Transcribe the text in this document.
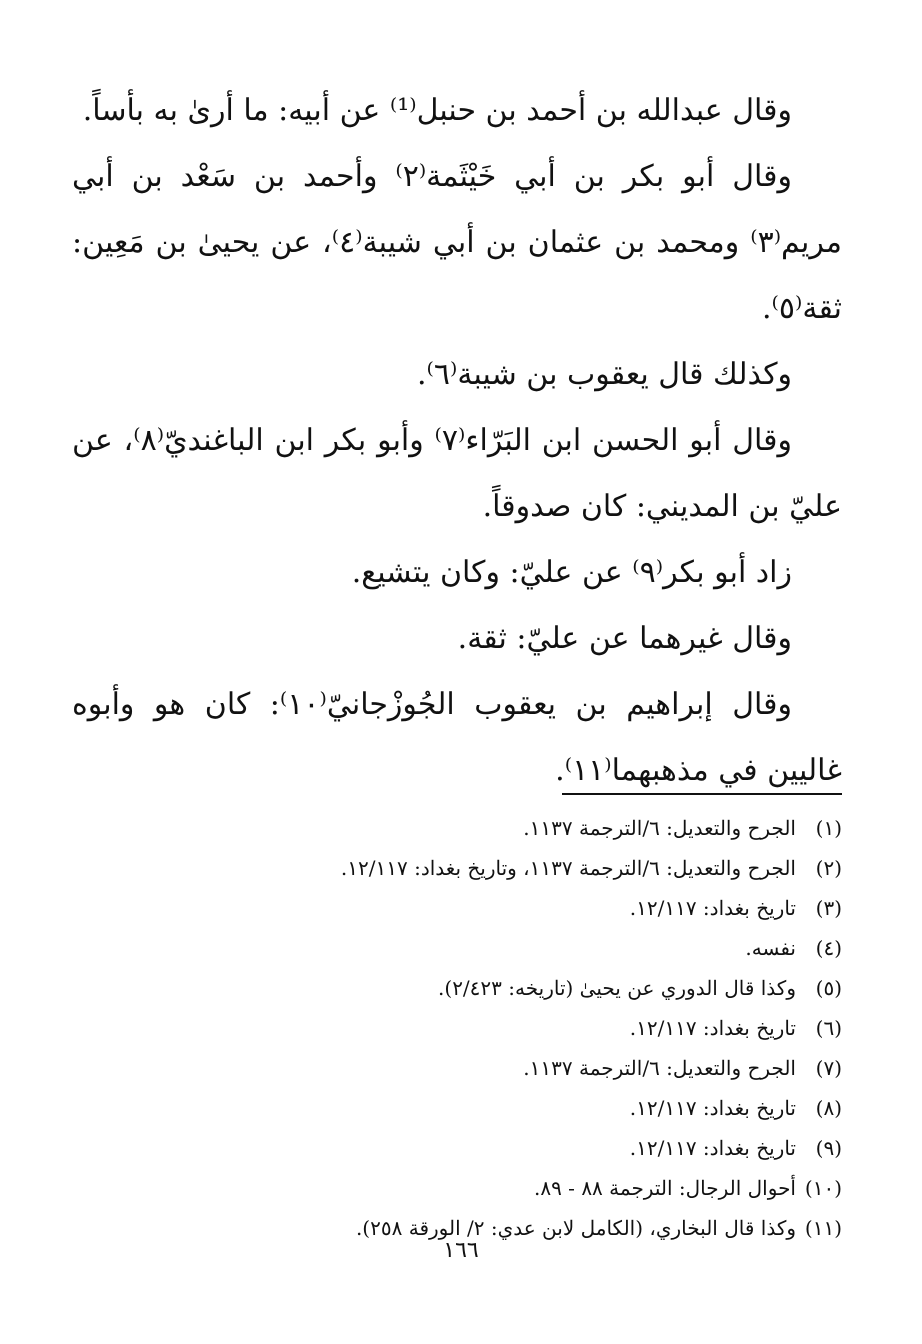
وقال عبدالله بن أحمد بن حنبل⁽¹⁾ عن أبيه: ما أرىٰ به بأساً.

وقال أبو بكر بن أبي خَيْثَمة⁽٢⁾ وأحمد بن سَعْد بن أبي مريم⁽٣⁾ ومحمد بن عثمان بن أبي شيبة⁽٤⁾، عن يحيىٰ بن مَعِين: ثقة⁽٥⁾.

وكذلك قال يعقوب بن شيبة⁽٦⁾.

وقال أبو الحسن ابن البَرّاء⁽٧⁾ وأبو بكر ابن الباغنديّ⁽٨⁾، عن عليّ بن المديني: كان صدوقاً.

زاد أبو بكر⁽٩⁾ عن عليّ: وكان يتشيع.

وقال غيرهما عن عليّ: ثقة.

وقال إبراهيم بن يعقوب الجُوزْجانيّ⁽١٠⁾: كان هو وأبوه غاليين في مذهبهما⁽١١⁾.

(١)
الجرح والتعديل: ٦/الترجمة ١١٣٧.
(٢)
الجرح والتعديل: ٦/الترجمة ١١٣٧، وتاريخ بغداد: ١٢/١١٧.
(٣)
تاريخ بغداد: ١٢/١١٧.
(٤)
نفسه.
(٥)
وكذا قال الدوري عن يحيىٰ (تاريخه: ٢/٤٢٣).
(٦)
تاريخ بغداد: ١٢/١١٧.
(٧)
الجرح والتعديل: ٦/الترجمة ١١٣٧.
(٨)
تاريخ بغداد: ١٢/١١٧.
(٩)
تاريخ بغداد: ١٢/١١٧.
(١٠)
أحوال الرجال: الترجمة ٨٨ - ٨٩.
(١١)
وكذا قال البخاري، (الكامل لابن عدي: ٢/ الورقة ٢٥٨).
١٦٦
